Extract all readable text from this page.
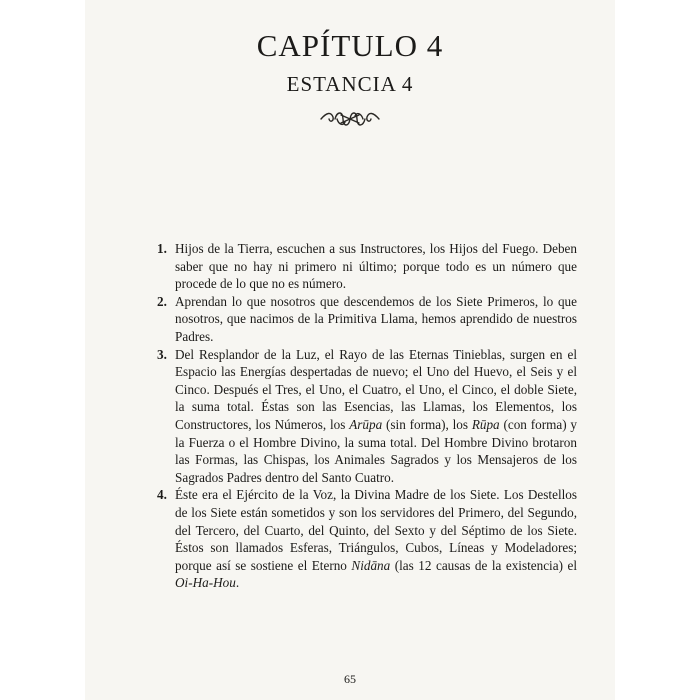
CAPÍTULO 4
ESTANCIA 4
1. Hijos de la Tierra, escuchen a sus Instructores, los Hijos del Fuego. Deben saber que no hay ni primero ni último; porque todo es un número que procede de lo que no es número.
2. Aprendan lo que nosotros que descendemos de los Siete Primeros, lo que nosotros, que nacimos de la Primitiva Llama, hemos aprendido de nuestros Padres.
3. Del Resplandor de la Luz, el Rayo de las Eternas Tinieblas, surgen en el Espacio las Energías despertadas de nuevo; el Uno del Huevo, el Seis y el Cinco. Después el Tres, el Uno, el Cuatro, el Uno, el Cinco, el doble Siete, la suma total. Éstas son las Esencias, las Llamas, los Elementos, los Constructores, los Números, los Arūpa (sin forma), los Rūpa (con forma) y la Fuerza o el Hombre Divino, la suma total. Del Hombre Divino brotaron las Formas, las Chispas, los Animales Sagrados y los Mensajeros de los Sagrados Padres dentro del Santo Cuatro.
4. Éste era el Ejército de la Voz, la Divina Madre de los Siete. Los Destellos de los Siete están sometidos y son los servidores del Primero, del Segundo, del Tercero, del Cuarto, del Quinto, del Sexto y del Séptimo de los Siete. Éstos son llamados Esferas, Triángulos, Cubos, Líneas y Modeladores; porque así se sostiene el Eterno Nidāna (las 12 causas de la existencia) el Oi-Ha-Hou.
65
